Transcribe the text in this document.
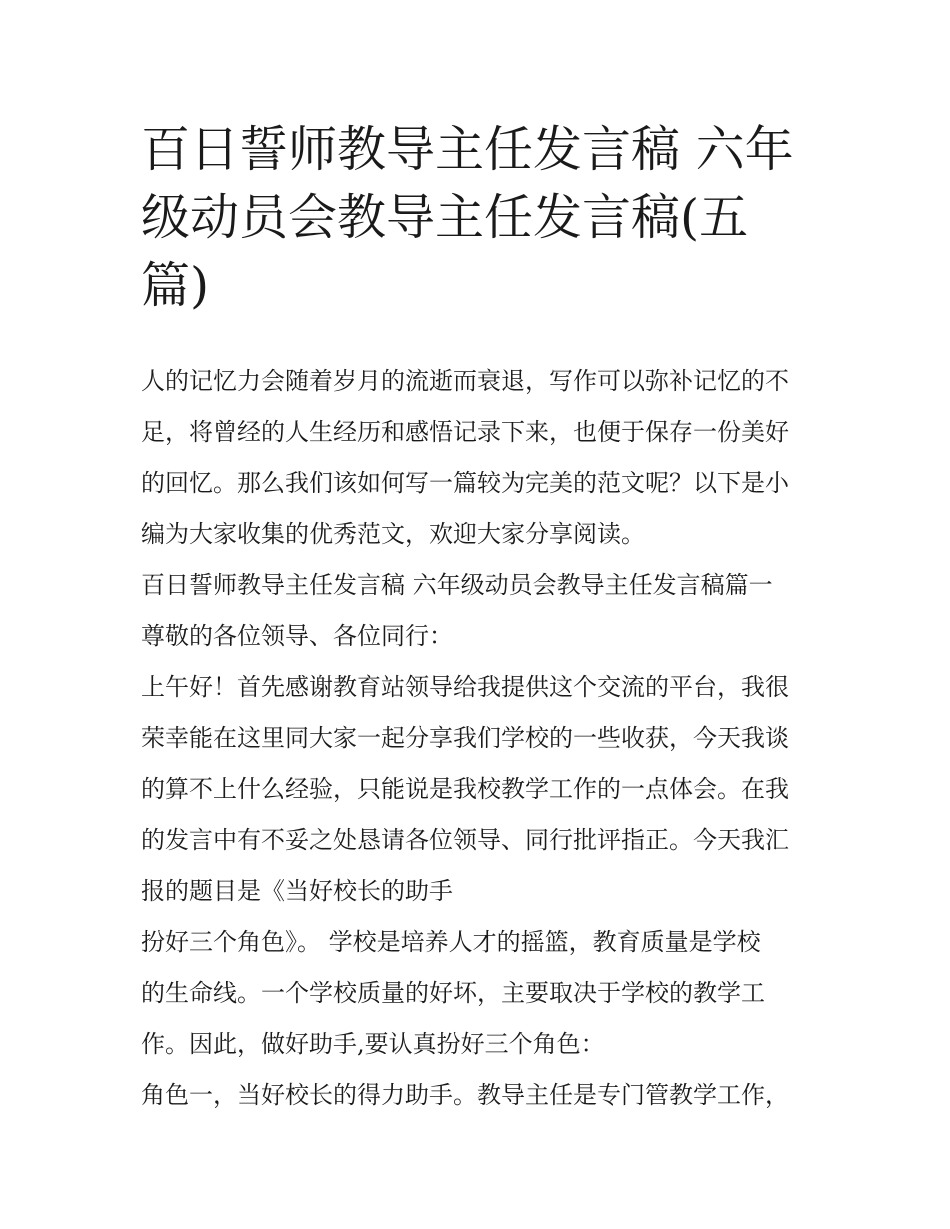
百日誓师教导主任发言稿 六年
级动员会教导主任发言稿(五
篇)

人的记忆力会随着岁月的流逝而衰退，写作可以弥补记忆的不
足，将曾经的人生经历和感悟记录下来，也便于保存一份美好
的回忆。那么我们该如何写一篇较为完美的范文呢？以下是小
编为大家收集的优秀范文，欢迎大家分享阅读。

百日誓师教导主任发言稿 六年级动员会教导主任发言稿篇一

尊敬的各位领导、各位同行：

上午好！首先感谢教育站领导给我提供这个交流的平台，我很
荣幸能在这里同大家一起分享我们学校的一些收获，今天我谈
的算不上什么经验，只能说是我校教学工作的一点体会。在我
的发言中有不妥之处恳请各位领导、同行批评指正。今天我汇
报的题目是《当好校长的助手

扮好三个角色》。 学校是培养人才的摇篮，教育质量是学校
的生命线。一个学校质量的好坏，主要取决于学校的教学工
作。因此，做好助手,要认真扮好三个角色：

角色一，当好校长的得力助手。教导主任是专门管教学工作，
